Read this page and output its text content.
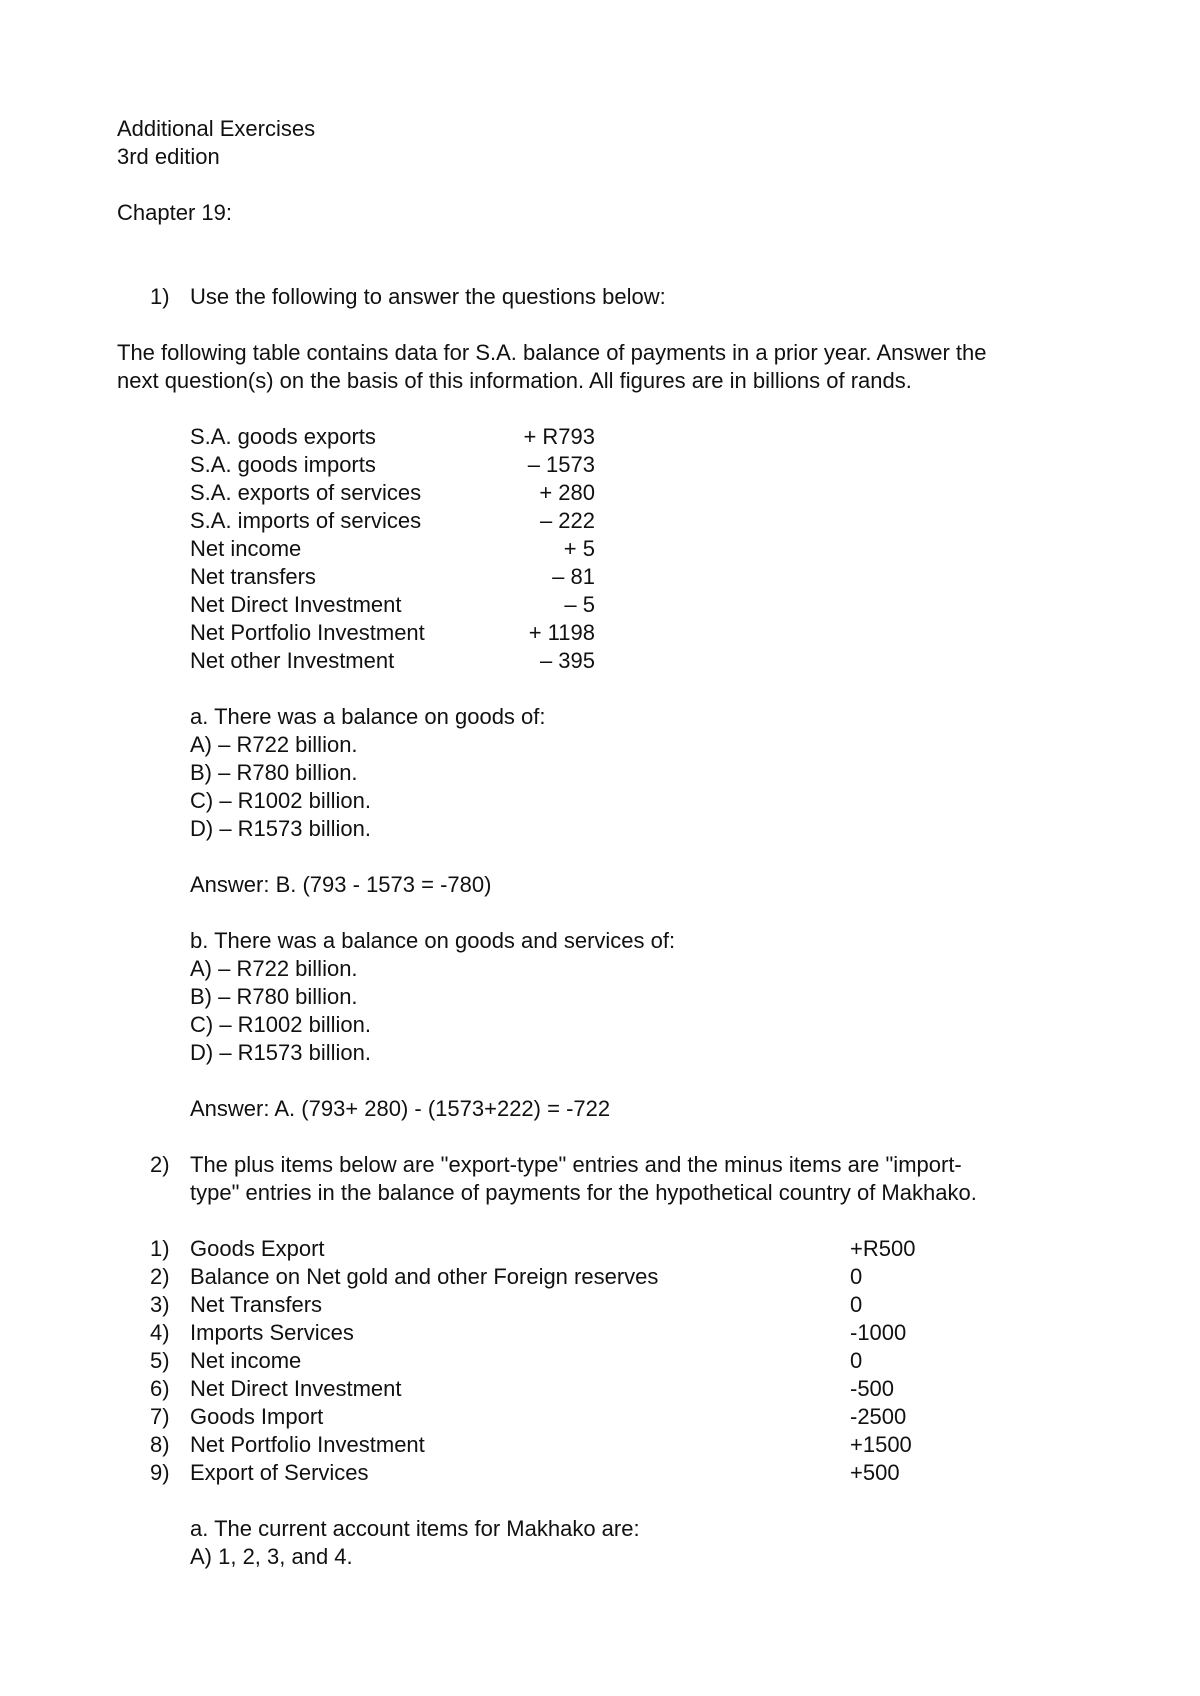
Additional Exercises
3rd edition
Chapter 19:
1) Use the following to answer the questions below:
The following table contains data for S.A. balance of payments in a prior year. Answer the
next question(s) on the basis of this information. All figures are in billions of rands.
S.A. goods exports	+ R793
S.A. goods imports	– 1573
S.A. exports of services	+ 280
S.A. imports of services	– 222
Net income	+ 5
Net transfers	– 81
Net Direct Investment	– 5
Net Portfolio Investment	+ 1198
Net other Investment	– 395
a. There was a balance on goods of:
A) – R722 billion.
B) – R780 billion.
C) – R1002 billion.
D) – R1573 billion.
Answer: B. (793 - 1573 = -780)
b. There was a balance on goods and services of:
A) – R722 billion.
B) – R780 billion.
C) – R1002 billion.
D) – R1573 billion.
Answer: A. (793+ 280) - (1573+222) = -722
2) The plus items below are "export-type" entries and the minus items are "import-
type" entries in the balance of payments for the hypothetical country of Makhako.
1) Goods Export	+R500
2) Balance on Net gold and other Foreign reserves	0
3) Net Transfers	0
4) Imports Services	-1000
5) Net income	0
6) Net Direct Investment	-500
7) Goods Import	-2500
8) Net Portfolio Investment	+1500
9) Export of Services	+500
a. The current account items for Makhako are:
A) 1, 2, 3, and 4.
